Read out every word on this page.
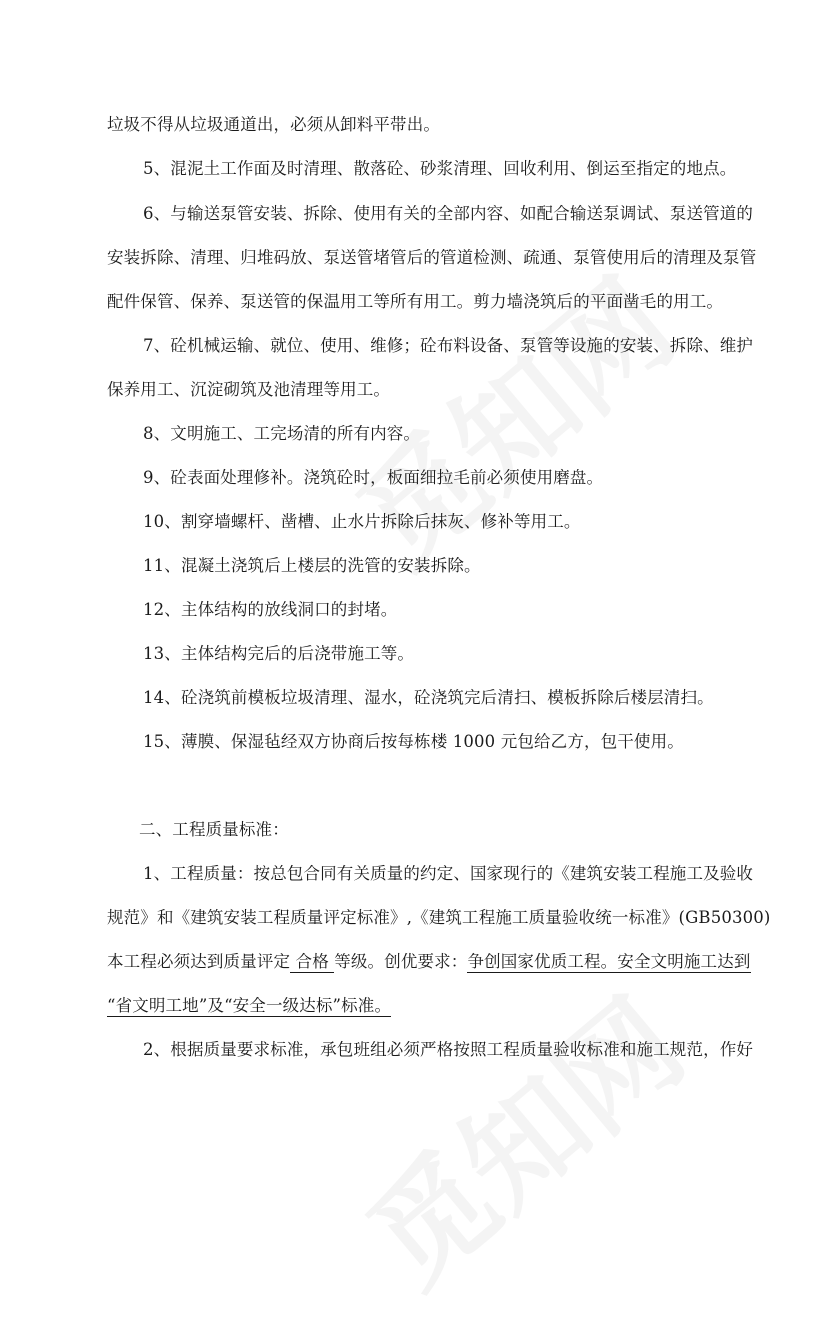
垃圾不得从垃圾通道出，必须从卸料平带出。
5、混泥土工作面及时清理、散落砼、砂浆清理、回收利用、倒运至指定的地点。
6、与输送泵管安装、拆除、使用有关的全部内容、如配合输送泵调试、泵送管道的
安装拆除、清理、归堆码放、泵送管堵管后的管道检测、疏通、泵管使用后的清理及泵管
配件保管、保养、泵送管的保温用工等所有用工。剪力墙浇筑后的平面凿毛的用工。
7、砼机械运输、就位、使用、维修；砼布料设备、泵管等设施的安装、拆除、维护
保养用工、沉淀砌筑及池清理等用工。
8、文明施工、工完场清的所有内容。
9、砼表面处理修补。浇筑砼时，板面细拉毛前必须使用磨盘。
10、割穿墙螺杆、凿槽、止水片拆除后抹灰、修补等用工。
11、混凝土浇筑后上楼层的洗管的安装拆除。
12、主体结构的放线洞口的封堵。
13、主体结构完后的后浇带施工等。
14、砼浇筑前模板垃圾清理、湿水，砼浇筑完后清扫、模板拆除后楼层清扫。
15、薄膜、保湿毡经双方协商后按每栋楼 1000 元包给乙方，包干使用。
二、工程质量标准：
1、工程质量：按总包合同有关质量的约定、国家现行的《建筑安装工程施工及验收
规范》和《建筑安装工程质量评定标准》,《建筑工程施工质量验收统一标准》(GB50300)
本工程必须达到质量评定 合格 等级。创优要求：争创国家优质工程。安全文明施工达到
“省文明工地”及“安全一级达标”标准。
2、根据质量要求标准，承包班组必须严格按照工程质量验收标准和施工规范，作好
